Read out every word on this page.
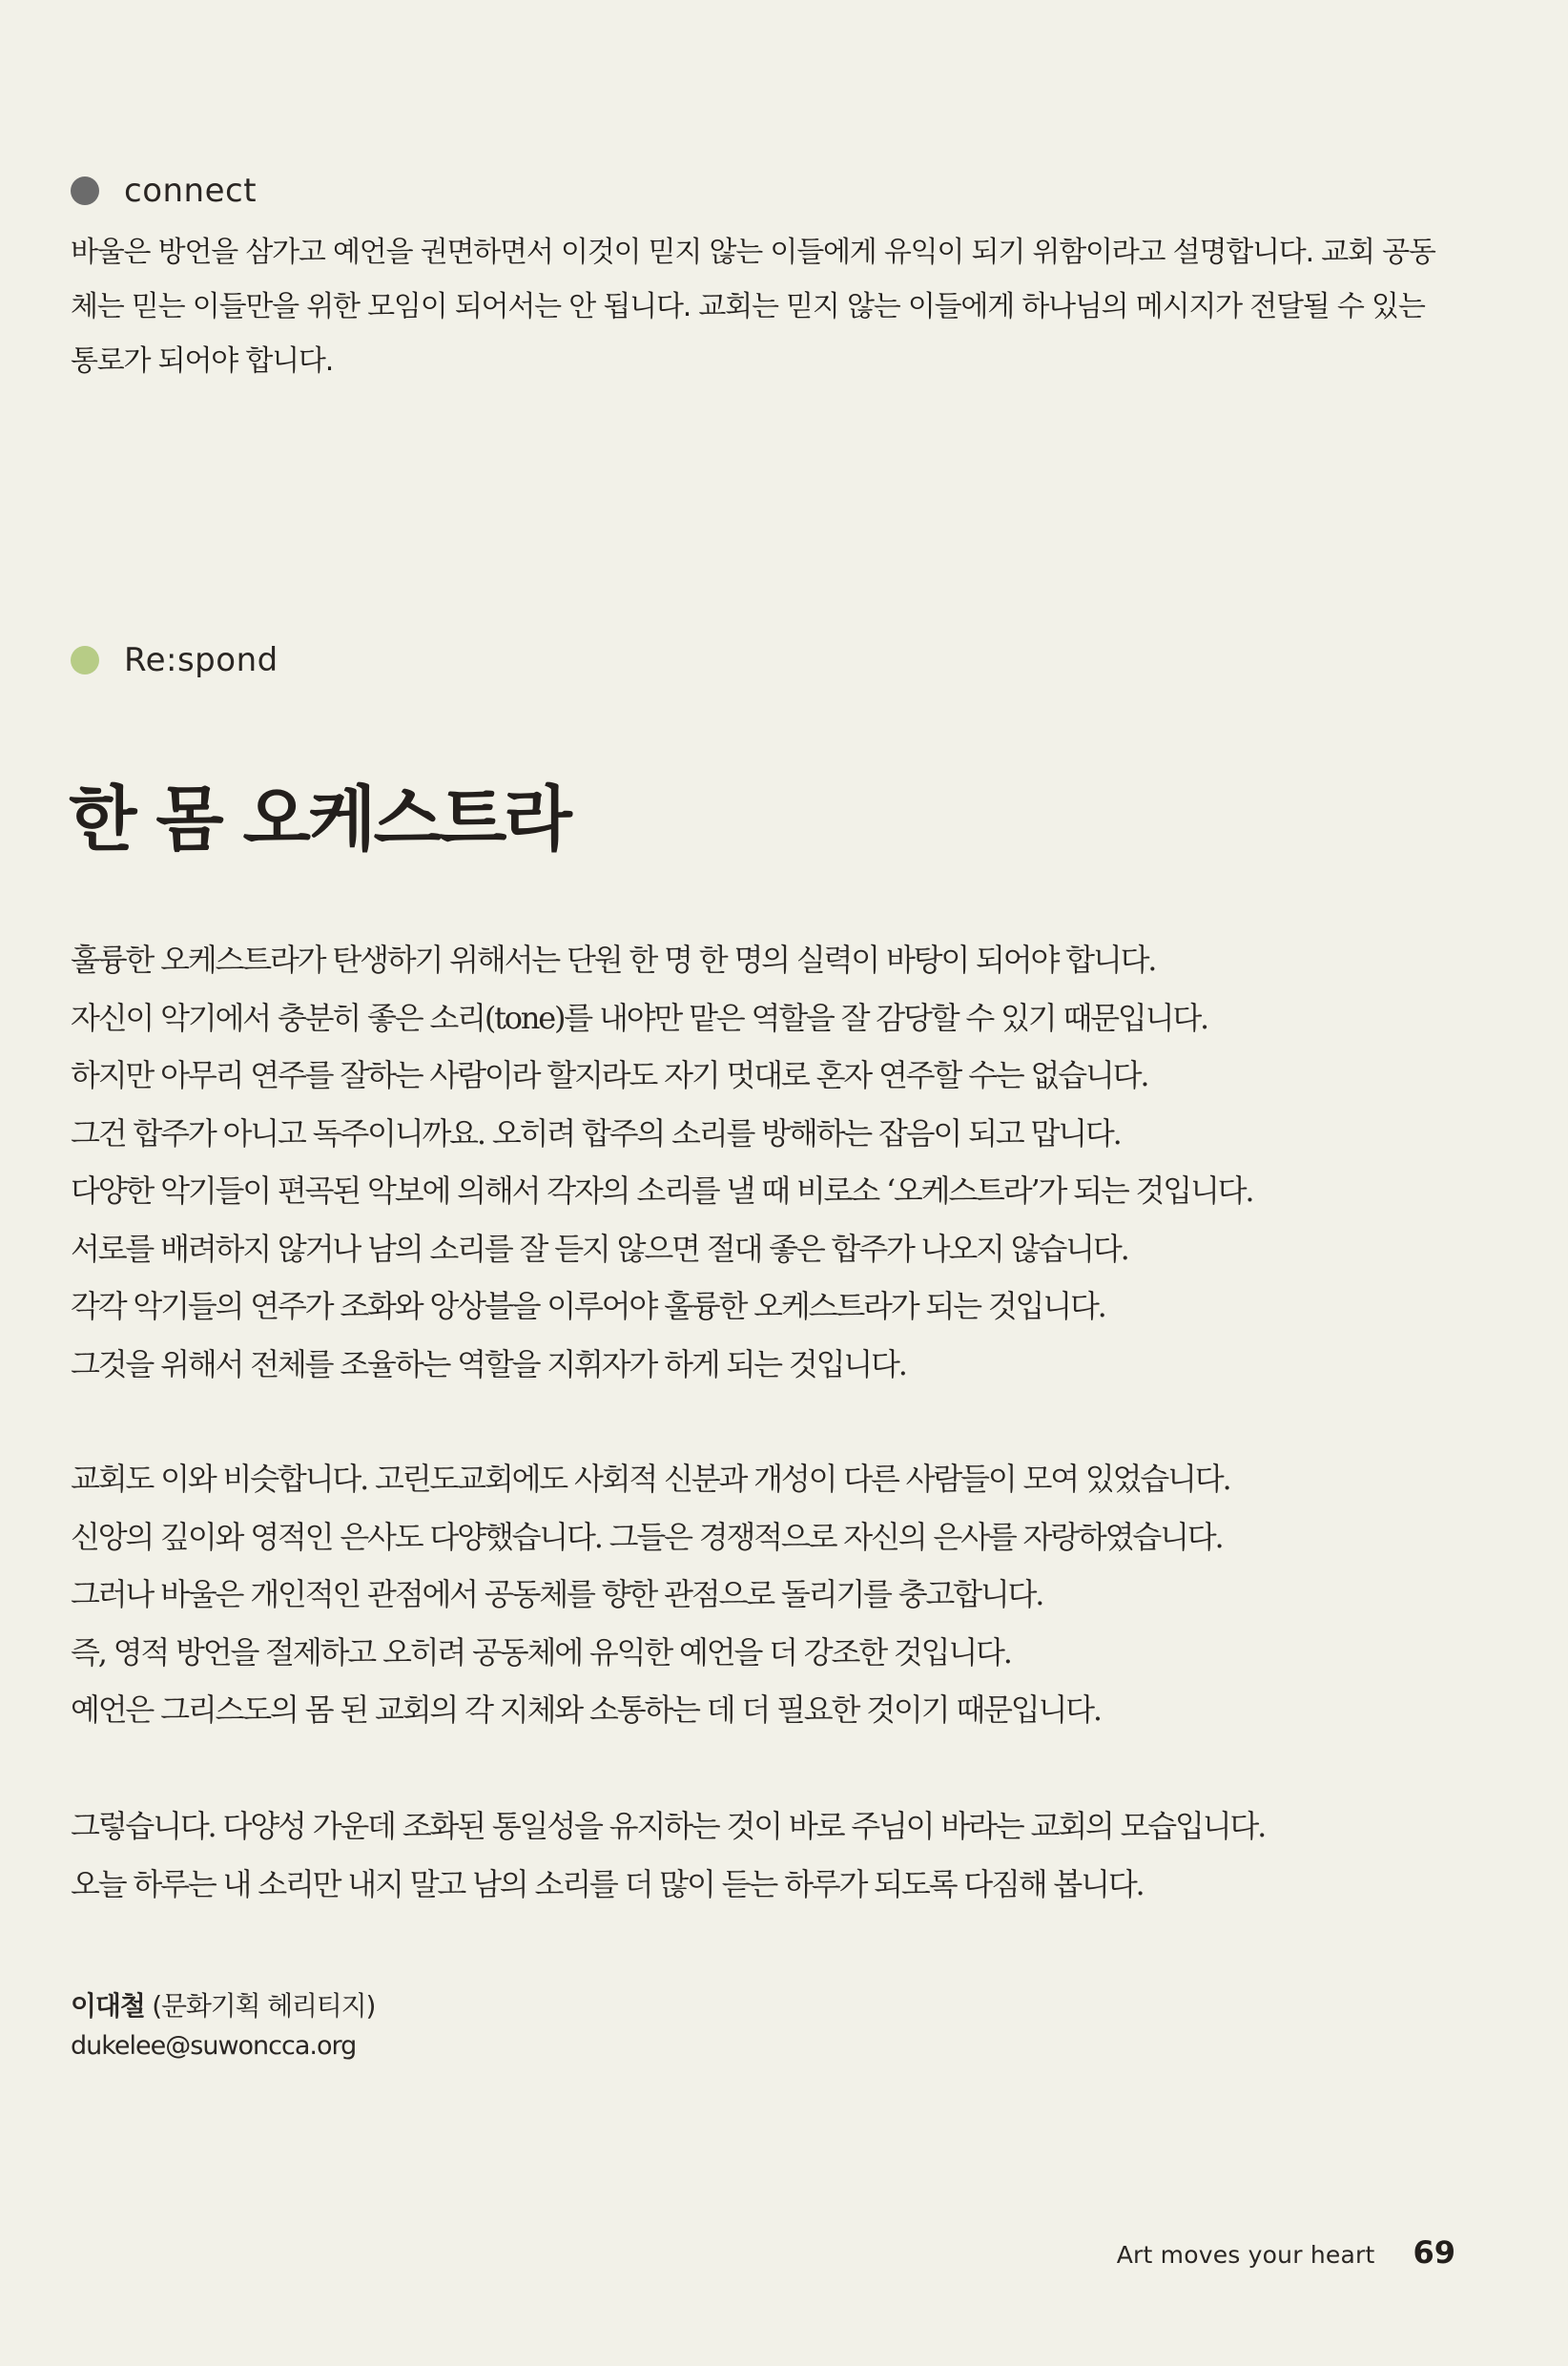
connect
바울은 방언을 삼가고 예언을 권면하면서 이것이 믿지 않는 이들에게 유익이 되기 위함이라고 설명합니다. 교회 공동
체는 믿는 이들만을 위한 모임이 되어서는 안 됩니다. 교회는 믿지 않는 이들에게 하나님의 메시지가 전달될 수 있는
통로가 되어야 합니다.
Re:spond
한 몸 오케스트라
훌륭한 오케스트라가 탄생하기 위해서는 단원 한 명 한 명의 실력이 바탕이 되어야 합니다.
자신이 악기에서 충분히 좋은 소리(tone)를 내야만 맡은 역할을 잘 감당할 수 있기 때문입니다.
하지만 아무리 연주를 잘하는 사람이라 할지라도 자기 멋대로 혼자 연주할 수는 없습니다.
그건 합주가 아니고 독주이니까요. 오히려 합주의 소리를 방해하는 잡음이 되고 맙니다.
다양한 악기들이 편곡된 악보에 의해서 각자의 소리를 낼 때 비로소 ‘오케스트라’가 되는 것입니다.
서로를 배려하지 않거나 남의 소리를 잘 듣지 않으면 절대 좋은 합주가 나오지 않습니다.
각각 악기들의 연주가 조화와 앙상블을 이루어야 훌륭한 오케스트라가 되는 것입니다.
그것을 위해서 전체를 조율하는 역할을 지휘자가 하게 되는 것입니다.
교회도 이와 비슷합니다. 고린도교회에도 사회적 신분과 개성이 다른 사람들이 모여 있었습니다.
신앙의 깊이와 영적인 은사도 다양했습니다. 그들은 경쟁적으로 자신의 은사를 자랑하였습니다.
그러나 바울은 개인적인 관점에서 공동체를 향한 관점으로 돌리기를 충고합니다.
즉, 영적 방언을 절제하고 오히려 공동체에 유익한 예언을 더 강조한 것입니다.
예언은 그리스도의 몸 된 교회의 각 지체와 소통하는 데 더 필요한 것이기 때문입니다.
그렇습니다. 다양성 가운데 조화된 통일성을 유지하는 것이 바로 주님이 바라는 교회의 모습입니다.
오늘 하루는 내 소리만 내지 말고 남의 소리를 더 많이 듣는 하루가 되도록 다짐해 봅니다.
이대철 (문화기획 헤리티지)
dukelee@suwoncca.org
Art moves your heart 69
